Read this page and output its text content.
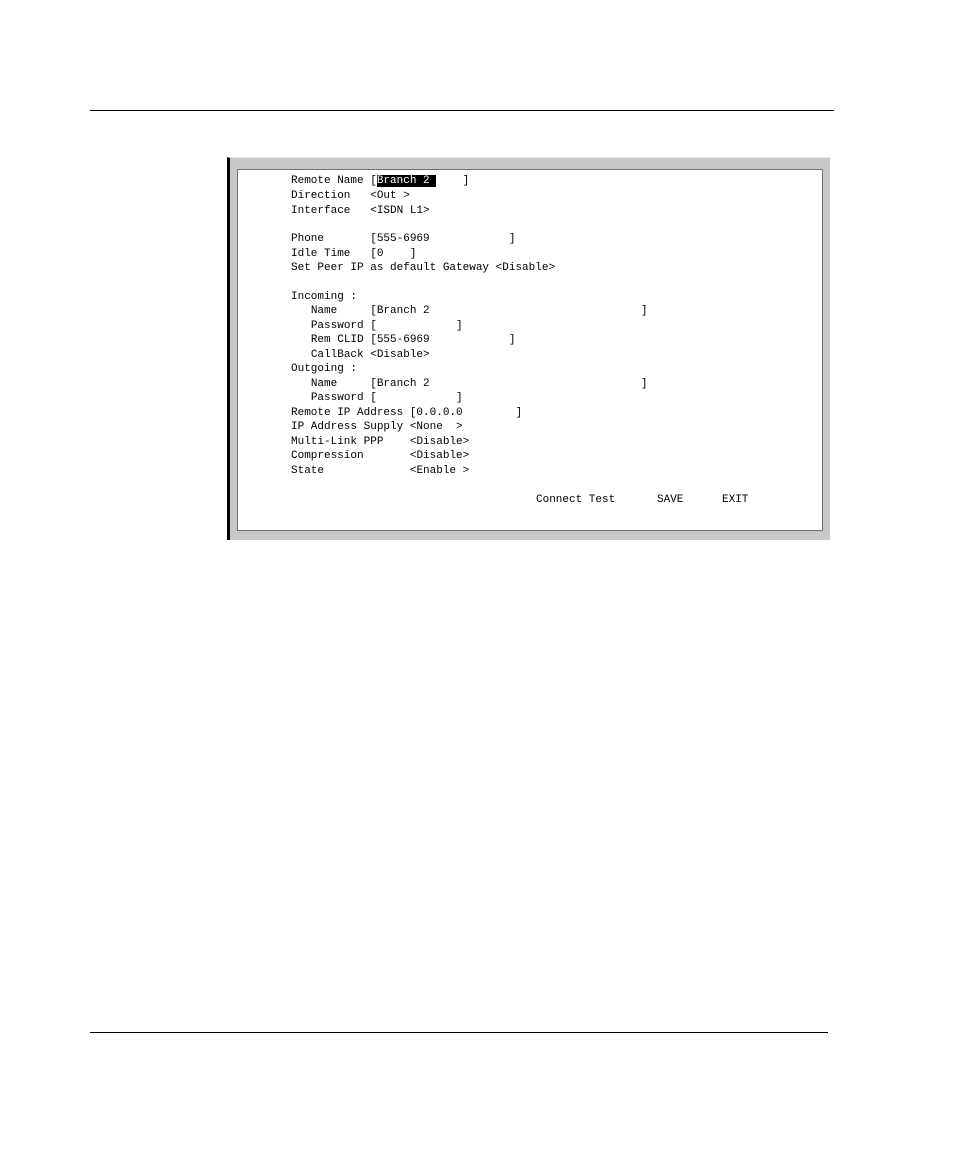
Remote Name [Branch 2     ]
Direction   <Out >
Interface   <ISDN L1>
Phone       [555-6969            ]
Idle Time   [0    ]
Set Peer IP as default Gateway <Disable>
Incoming :
Name     [Branch 2                                ]
Password [            ]
Rem CLID [555-6969            ]
CallBack <Disable>
Outgoing :
Name     [Branch 2                                ]
Password [            ]
Remote IP Address [0.0.0.0        ]
IP Address Supply <None  >
Multi-Link PPP    <Disable>
Compression       <Disable>
State             <Enable >
Connect Test	SAVE	EXIT
